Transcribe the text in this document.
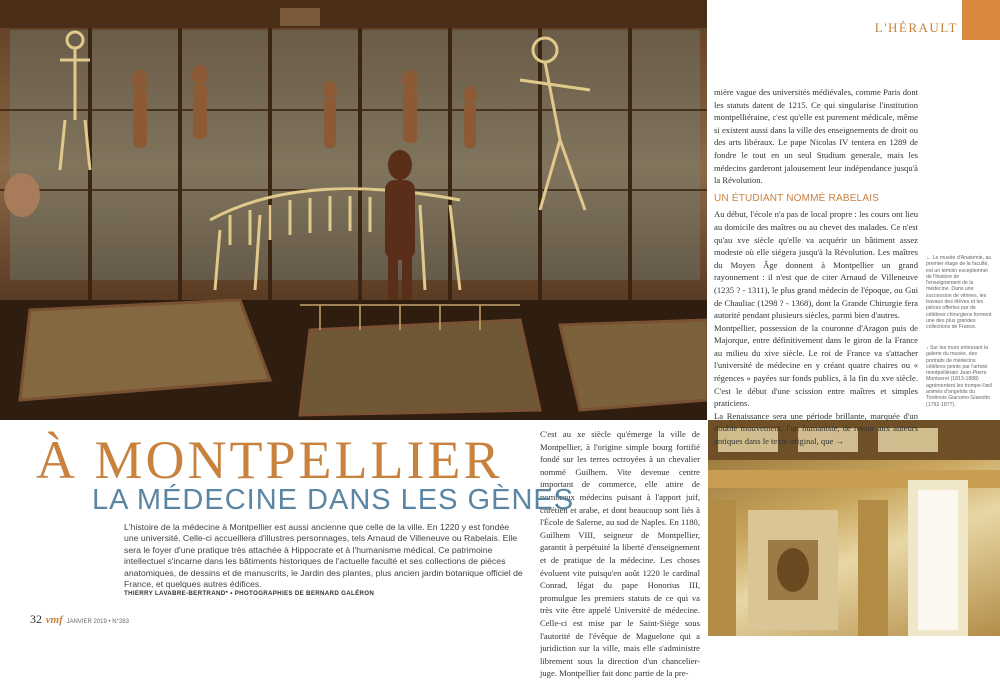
L'HÉRAULT

mière vague des universités médiévales, comme Paris dont les statuts datent de 1215. Ce qui singularise l'institution montpelliéraine, c'est qu'elle est purement médicale, même si existent aussi dans la ville des enseignements de droit ou des arts libéraux. Le pape Nicolas IV tentera en 1289 de fondre le tout en un seul Studium generale, mais les médecins garderont jalousement leur indépendance jusqu'à la Révolution.

UN ÉTUDIANT NOMMÉ RABELAIS

Au début, l'école n'a pas de local propre : les cours ont lieu au domicile des maîtres ou au chevet des malades. Ce n'est qu'au xve siècle qu'elle va acquérir un bâtiment assez modeste où elle siégera jusqu'à la Révolution. Les maîtres du Moyen Âge donnent à Montpellier un grand rayonnement : il n'est que de citer Arnaud de Villeneuve (1235 ? - 1311), le plus grand médecin de l'époque, ou Gui de Chauliac (1298 ? - 1368), dont la Grande Chirurgie fera autorité pendant plusieurs siècles, parmi bien d'autres.

Montpellier, possession de la couronne d'Aragon puis de Majorque, entre définitivement dans le giron de la France au milieu du xive siècle. Le roi de France va s'attacher l'université de médecine en y créant quatre chaires ou « régences » payées sur fonds publics, à la fin du xve siècle. C'est le début d'une scission entre maîtres et simples praticiens.

La Renaissance sera une période brillante, marquée d'un double mouvement, l'un humaniste, de retour aux auteurs antiques dans le texte original, que →

← Le musée d'Anatomie, au premier étage de la faculté, est un témoin exceptionnel de l'histoire de l'enseignement de la médecine. Dans une succession de vitrines, les travaux des élèves et les pièces offertes par de célèbres chirurgiens forment une des plus grandes collections de France.
↓ Sur les murs entourant la galerie du musée, des portraits de médecins célèbres peints par l'artiste montpelliérain Jean-Pierre Montseret (1813-1888) agrémentent les trompe-l'œil animés d'angelots du Toréinois Giacomo Gianotto (1792-1877).

C'est au xe siècle qu'émerge la ville de Montpellier, à l'origine simple bourg fortifié fondé sur les terres octroyées à un chevalier nommé Guilhem. Vite devenue centre important de commerce, elle attire de nombreux médecins puisant à l'apport juif, chrétien et arabe, et dont beaucoup sont liés à l'École de Salerne, au sud de Naples. En 1180, Guilhem VIII, seigneur de Montpellier, garantit à perpétuité la liberté d'enseignement et de pratique de la médecine. Les choses évoluent vite puisqu'en août 1220 le cardinal Conrad, légat du pape Honorius III, promulgue les premiers statuts de ce qui va très vite être appelé Université de médecine. Celle-ci est mise par le Saint-Siège sous l'autorité de l'évêque de Maguelone qui a juridiction sur la ville, mais elle s'administre librement sous la direction d'un chancelier-juge. Montpellier fait donc partie de la pre-

À MONTPELLIER
LA MÉDECINE DANS LES GÈNES
L'histoire de la médecine à Montpellier est aussi ancienne que celle de la ville. En 1220 y est fondée une université. Celle-ci accueillera d'illustres personnages, tels Arnaud de Villeneuve ou Rabelais. Elle sera le foyer d'une pratique très attachée à Hippocrate et à l'humanisme médical. Ce patrimoine intellectuel s'incarne dans les bâtiments historiques de l'actuelle faculté et ses collections de pièces anatomiques, de dessins et de manuscrits, le Jardin des plantes, plus ancien jardin botanique officiel de France, et quelques autres édifices.
THIERRY LAVABRE-BERTRAND* • PHOTOGRAPHIES DE BERNARD GALÉRON
32 vmf JANVIER 2019 • N°283
